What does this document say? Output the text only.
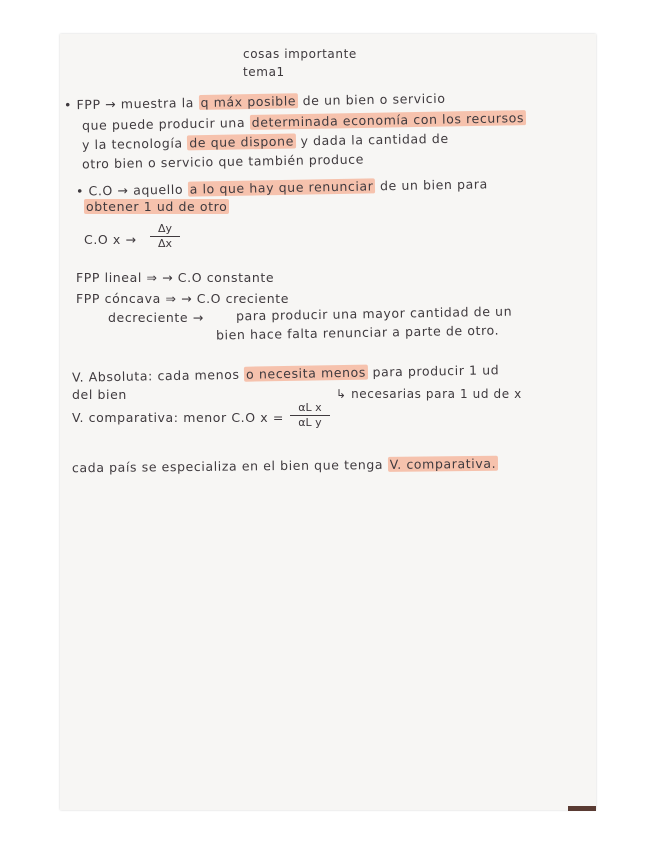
cosas importante
tema1
• FPP → muestra la q máx posible de un bien o servicio
que puede producir una determinada economía con los recursos
y la tecnología de que dispone y dada la cantidad de
otro bien o servicio que también produce
• C.O → aquello a lo que hay que renunciar de un bien para
obtener 1 ud de otro
C.O $x \to \frac{\Delta y}{\Delta x}$
FPP lineal ⇒ → C.O constante
FPP cóncava ⇒ → C.O creciente
decreciente →	para producir una mayor cantidad de un
bien hace falta renunciar a parte de otro.
V. Absoluta: cada menos o necesita menos para producir 1 ud
del bien
V. comparativa: menor C.O $x = \frac{\text{αL x}}{\text{αL y}}$
↳ necesarias para 1 ud de x
cada país se especializa en el bien que tenga V. comparativa.
